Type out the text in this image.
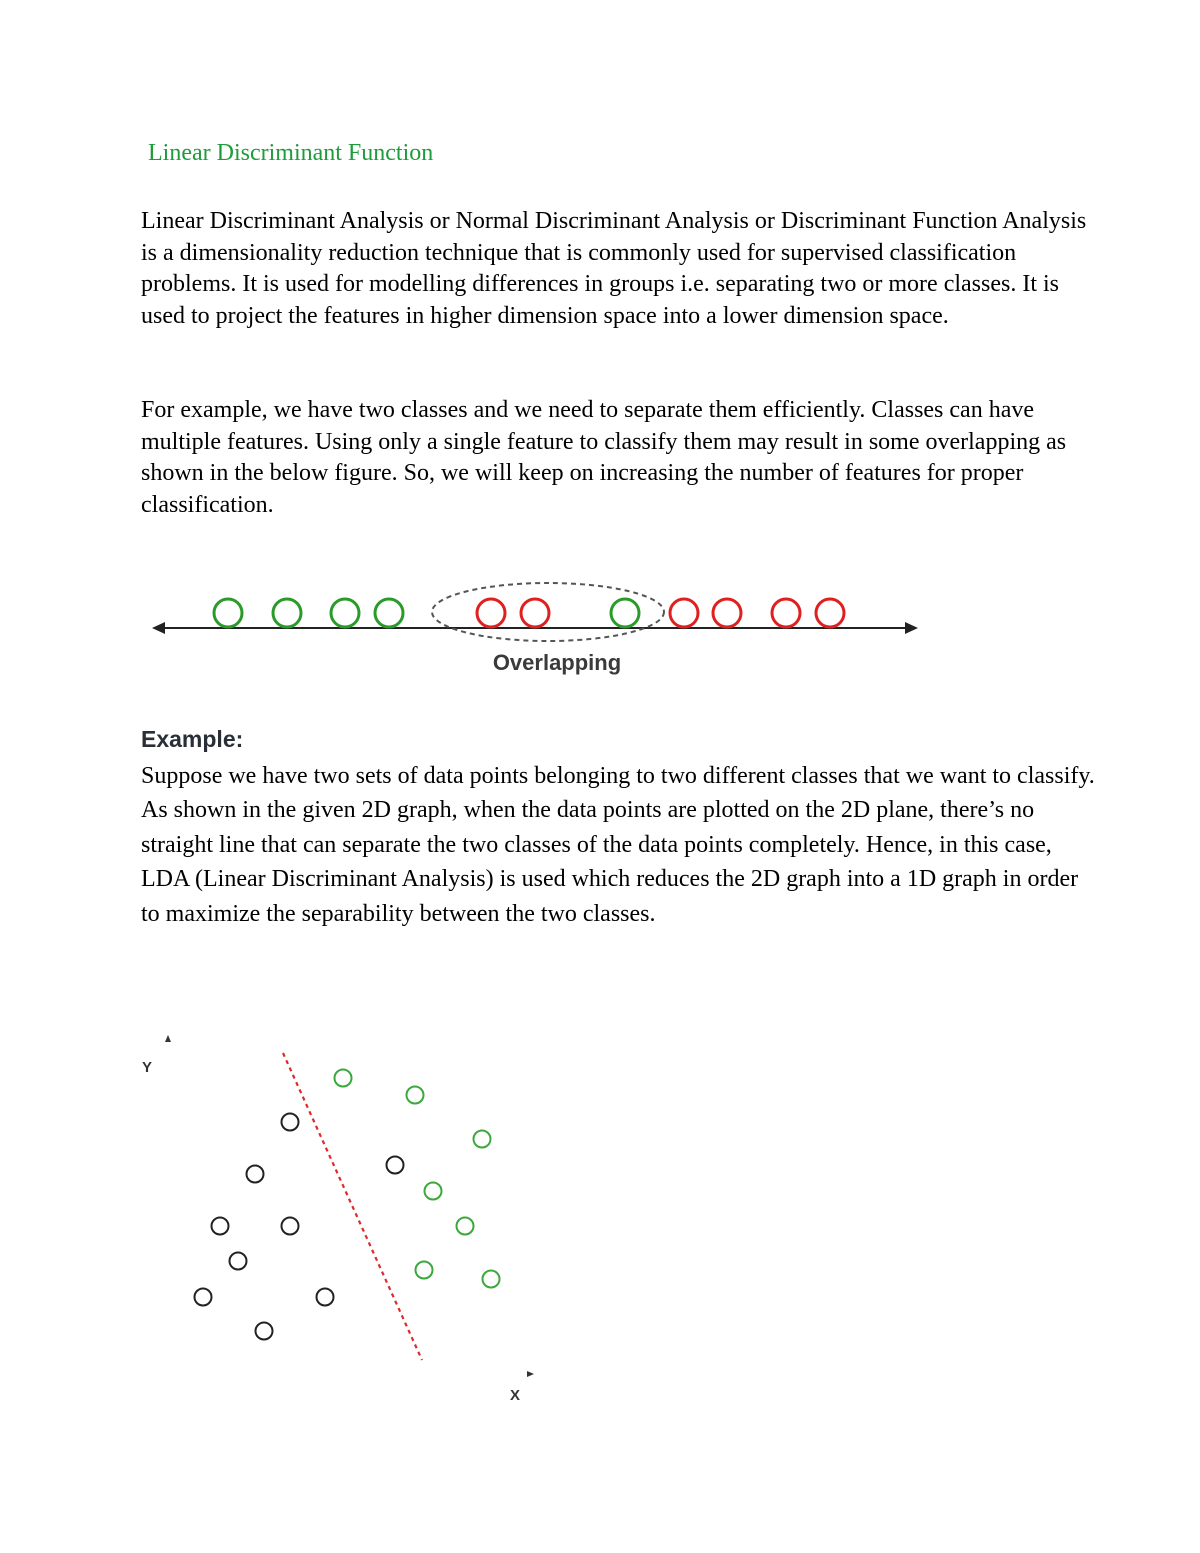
Linear Discriminant Function

Linear Discriminant Analysis or Normal Discriminant Analysis or Discriminant Function Analysis is a dimensionality reduction technique that is commonly used for supervised classification problems. It is used for modelling differences in groups i.e. separating two or more classes. It is used to project the features in higher dimension space into a lower dimension space.

For example, we have two classes and we need to separate them efficiently. Classes can have multiple features. Using only a single feature to classify them may result in some overlapping as shown in the below figure. So, we will keep on increasing the number of features for proper classification.

Overlapping
Example:

Suppose we have two sets of data points belonging to two different classes that we want to classify. As shown in the given 2D graph, when the data points are plotted on the 2D plane, there’s no straight line that can separate the two classes of the data points completely. Hence, in this case, LDA (Linear Discriminant Analysis) is used which reduces the 2D graph into a 1D graph in order to maximize the separability between the two classes.

Y
X
